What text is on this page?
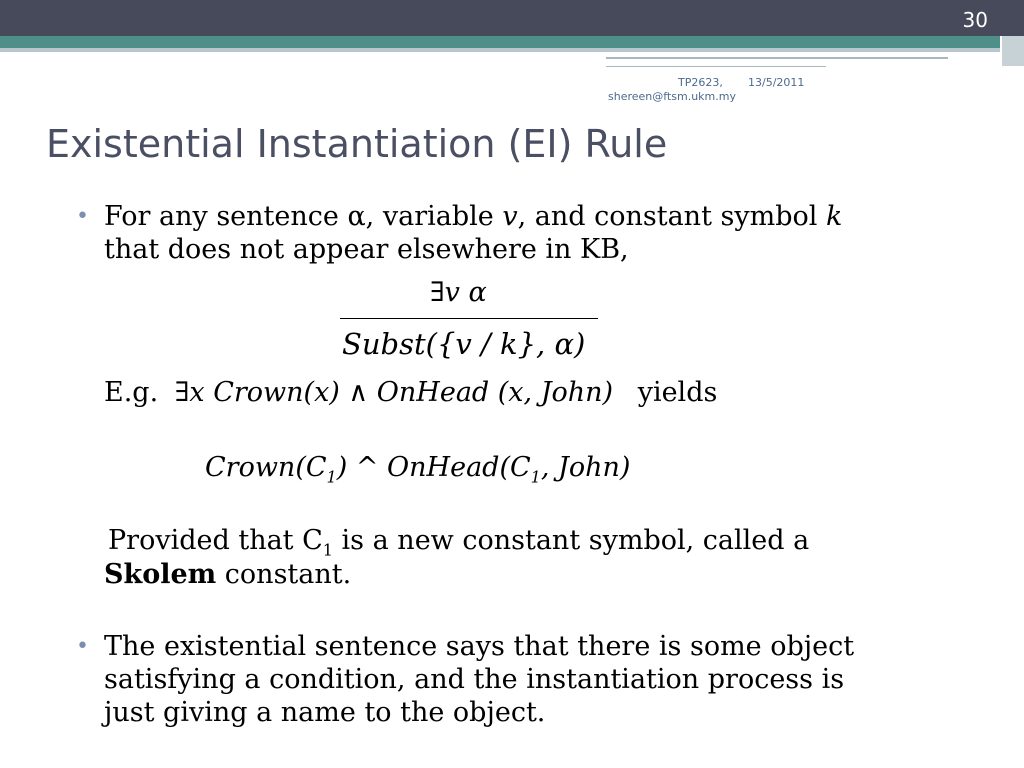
30
TP2623, 13/5/2011
shereen@ftsm.ukm.my
Existential Instantiation (EI) Rule
• For any sentence α, variable v, and constant symbol k
that does not appear elsewhere in KB,
∃v α
Subst({v / k}, α)
E.g. ∃x Crown(x) ∧ OnHead (x, John) yields
$Crown(C_1)$ ^ $OnHead(C_1$, John)
Provided that $C_1$ is a new constant symbol, called a
Skolem constant.
• The existential sentence says that there is some object
satisfying a condition, and the instantiation process is
just giving a name to the object.
